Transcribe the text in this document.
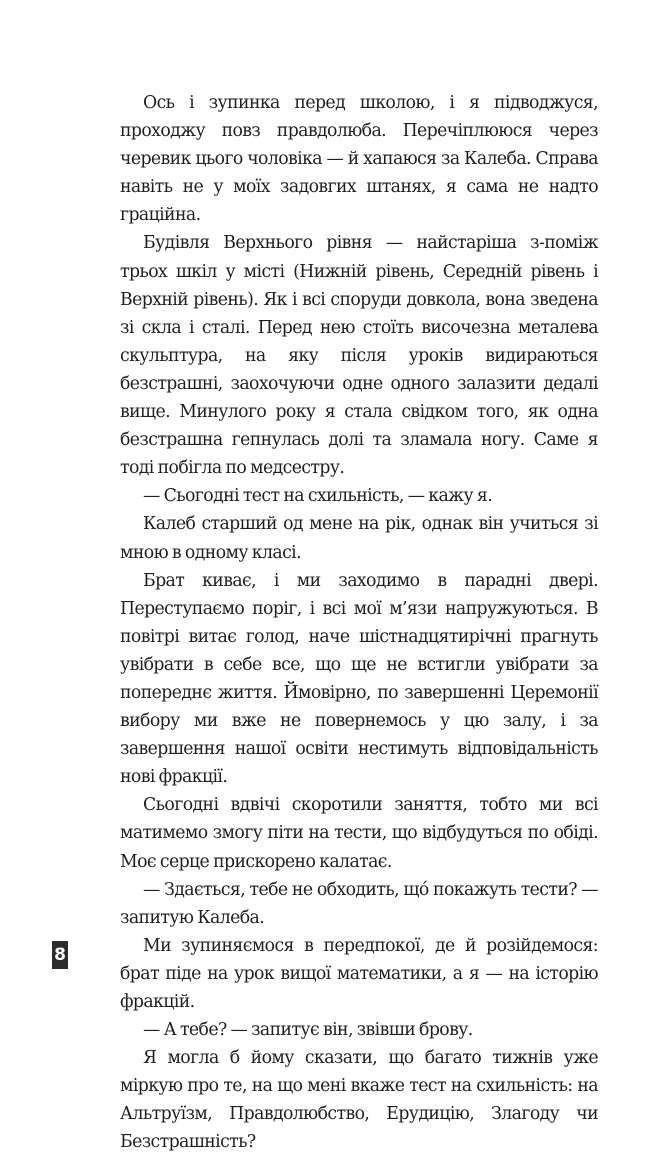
Ось і зупинка перед школою, і я підводжуся, проходжу повз правдолюба. Перечіплююся через черевик цього чоловіка — й хапаюся за Калеба. Справа навіть не у моїх задовгих штанях, я сама не надто граційна.

Будівля Верхнього рівня — найстаріша з-поміж трьох шкіл у місті (Нижній рівень, Середній рівень і Верхній рівень). Як і всі споруди довкола, вона зведена зі скла і сталі. Перед нею стоїть височезна металева скульптура, на яку після уроків видираються безстрашні, заохочуючи одне одного залазити дедалі вище. Минулого року я стала свідком того, як одна безстрашна гепнулась долі та зламала ногу. Саме я тоді побігла по медсестру.

— Сьогодні тест на схильність, — кажу я.

Калеб старший од мене на рік, однак він учиться зі мною в одному класі.

Брат киває, і ми заходимо в парадні двері. Переступаємо поріг, і всі мої м’язи напружуються. В повітрі витає голод, наче шістнадцятирічні прагнуть увібрати в себе все, що ще не встигли увібрати за попереднє життя. Ймовірно, по завершенні Церемонії вибору ми вже не повернемось у цю залу, і за завершення нашої освіти нестимуть відповідальність нові фракції.

Сьогодні вдвічі скоротили заняття, тобто ми всі матимемо змогу піти на тести, що відбудуться по обіді. Моє серце прискорено калатає.

— Здається, тебе не обходить, що́ покажуть тести? — запитую Калеба.

Ми зупиняємося в передпокої, де й розійдемося: брат піде на урок вищої математики, а я — на історію фракцій.

— А тебе? — запитує він, звівши брову.

Я могла б йому сказати, що багато тижнів уже міркую про те, на що мені вкаже тест на схильність: на Альтруїзм, Правдолюбство, Ерудицію, Злагоду чи Безстрашність?

8
